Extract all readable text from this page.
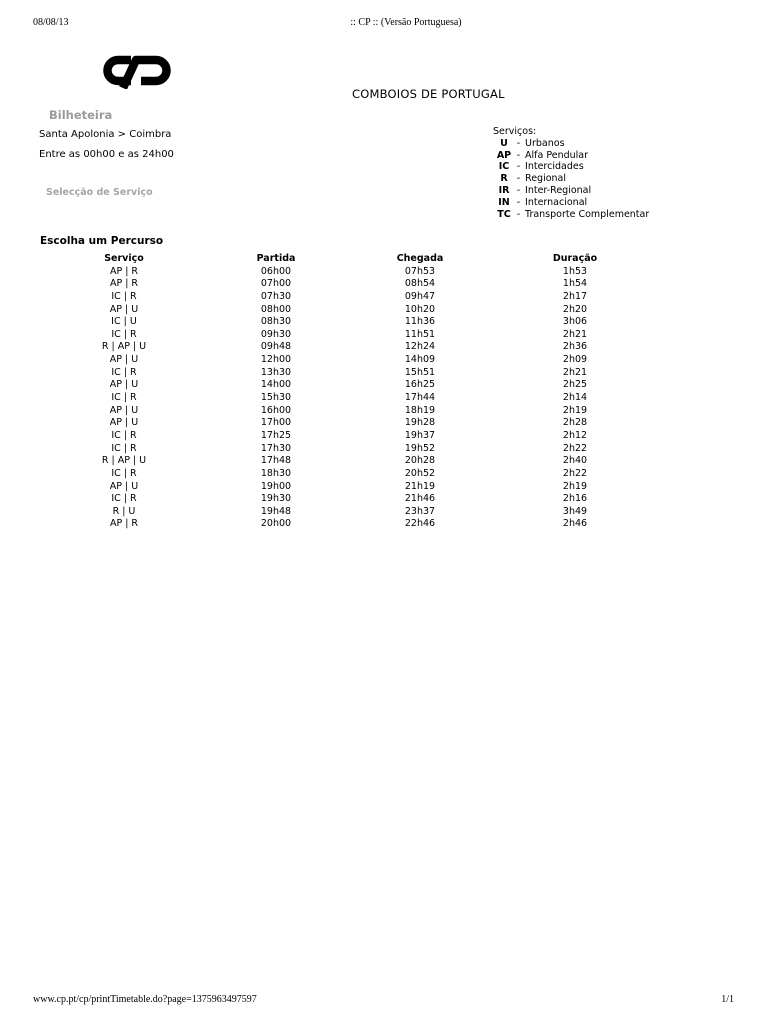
08/08/13	:: CP :: (Versão Portuguesa)
COMBOIOS DE PORTUGAL
Bilheteira
Santa Apolonia > Coimbra
Entre as 00h00 e as 24h00
Selecção de Serviço
Serviços:
U - Urbanos
AP - Alfa Pendular
IC - Intercidades
R - Regional
IR - Inter-Regional
IN - Internacional
TC - Transporte Complementar
Escolha um Percurso
Serviço	Partida	Chegada	Duração
AP | R	06h00	07h53	1h53
AP | R	07h00	08h54	1h54
IC | R	07h30	09h47	2h17
AP | U	08h00	10h20	2h20
IC | U	08h30	11h36	3h06
IC | R	09h30	11h51	2h21
R | AP | U	09h48	12h24	2h36
AP | U	12h00	14h09	2h09
IC | R	13h30	15h51	2h21
AP | U	14h00	16h25	2h25
IC | R	15h30	17h44	2h14
AP | U	16h00	18h19	2h19
AP | U	17h00	19h28	2h28
IC | R	17h25	19h37	2h12
IC | R	17h30	19h52	2h22
R | AP | U	17h48	20h28	2h40
IC | R	18h30	20h52	2h22
AP | U	19h00	21h19	2h19
IC | R	19h30	21h46	2h16
R | U	19h48	23h37	3h49
AP | R	20h00	22h46	2h46
www.cp.pt/cp/printTimetable.do?page=1375963497597	1/1
